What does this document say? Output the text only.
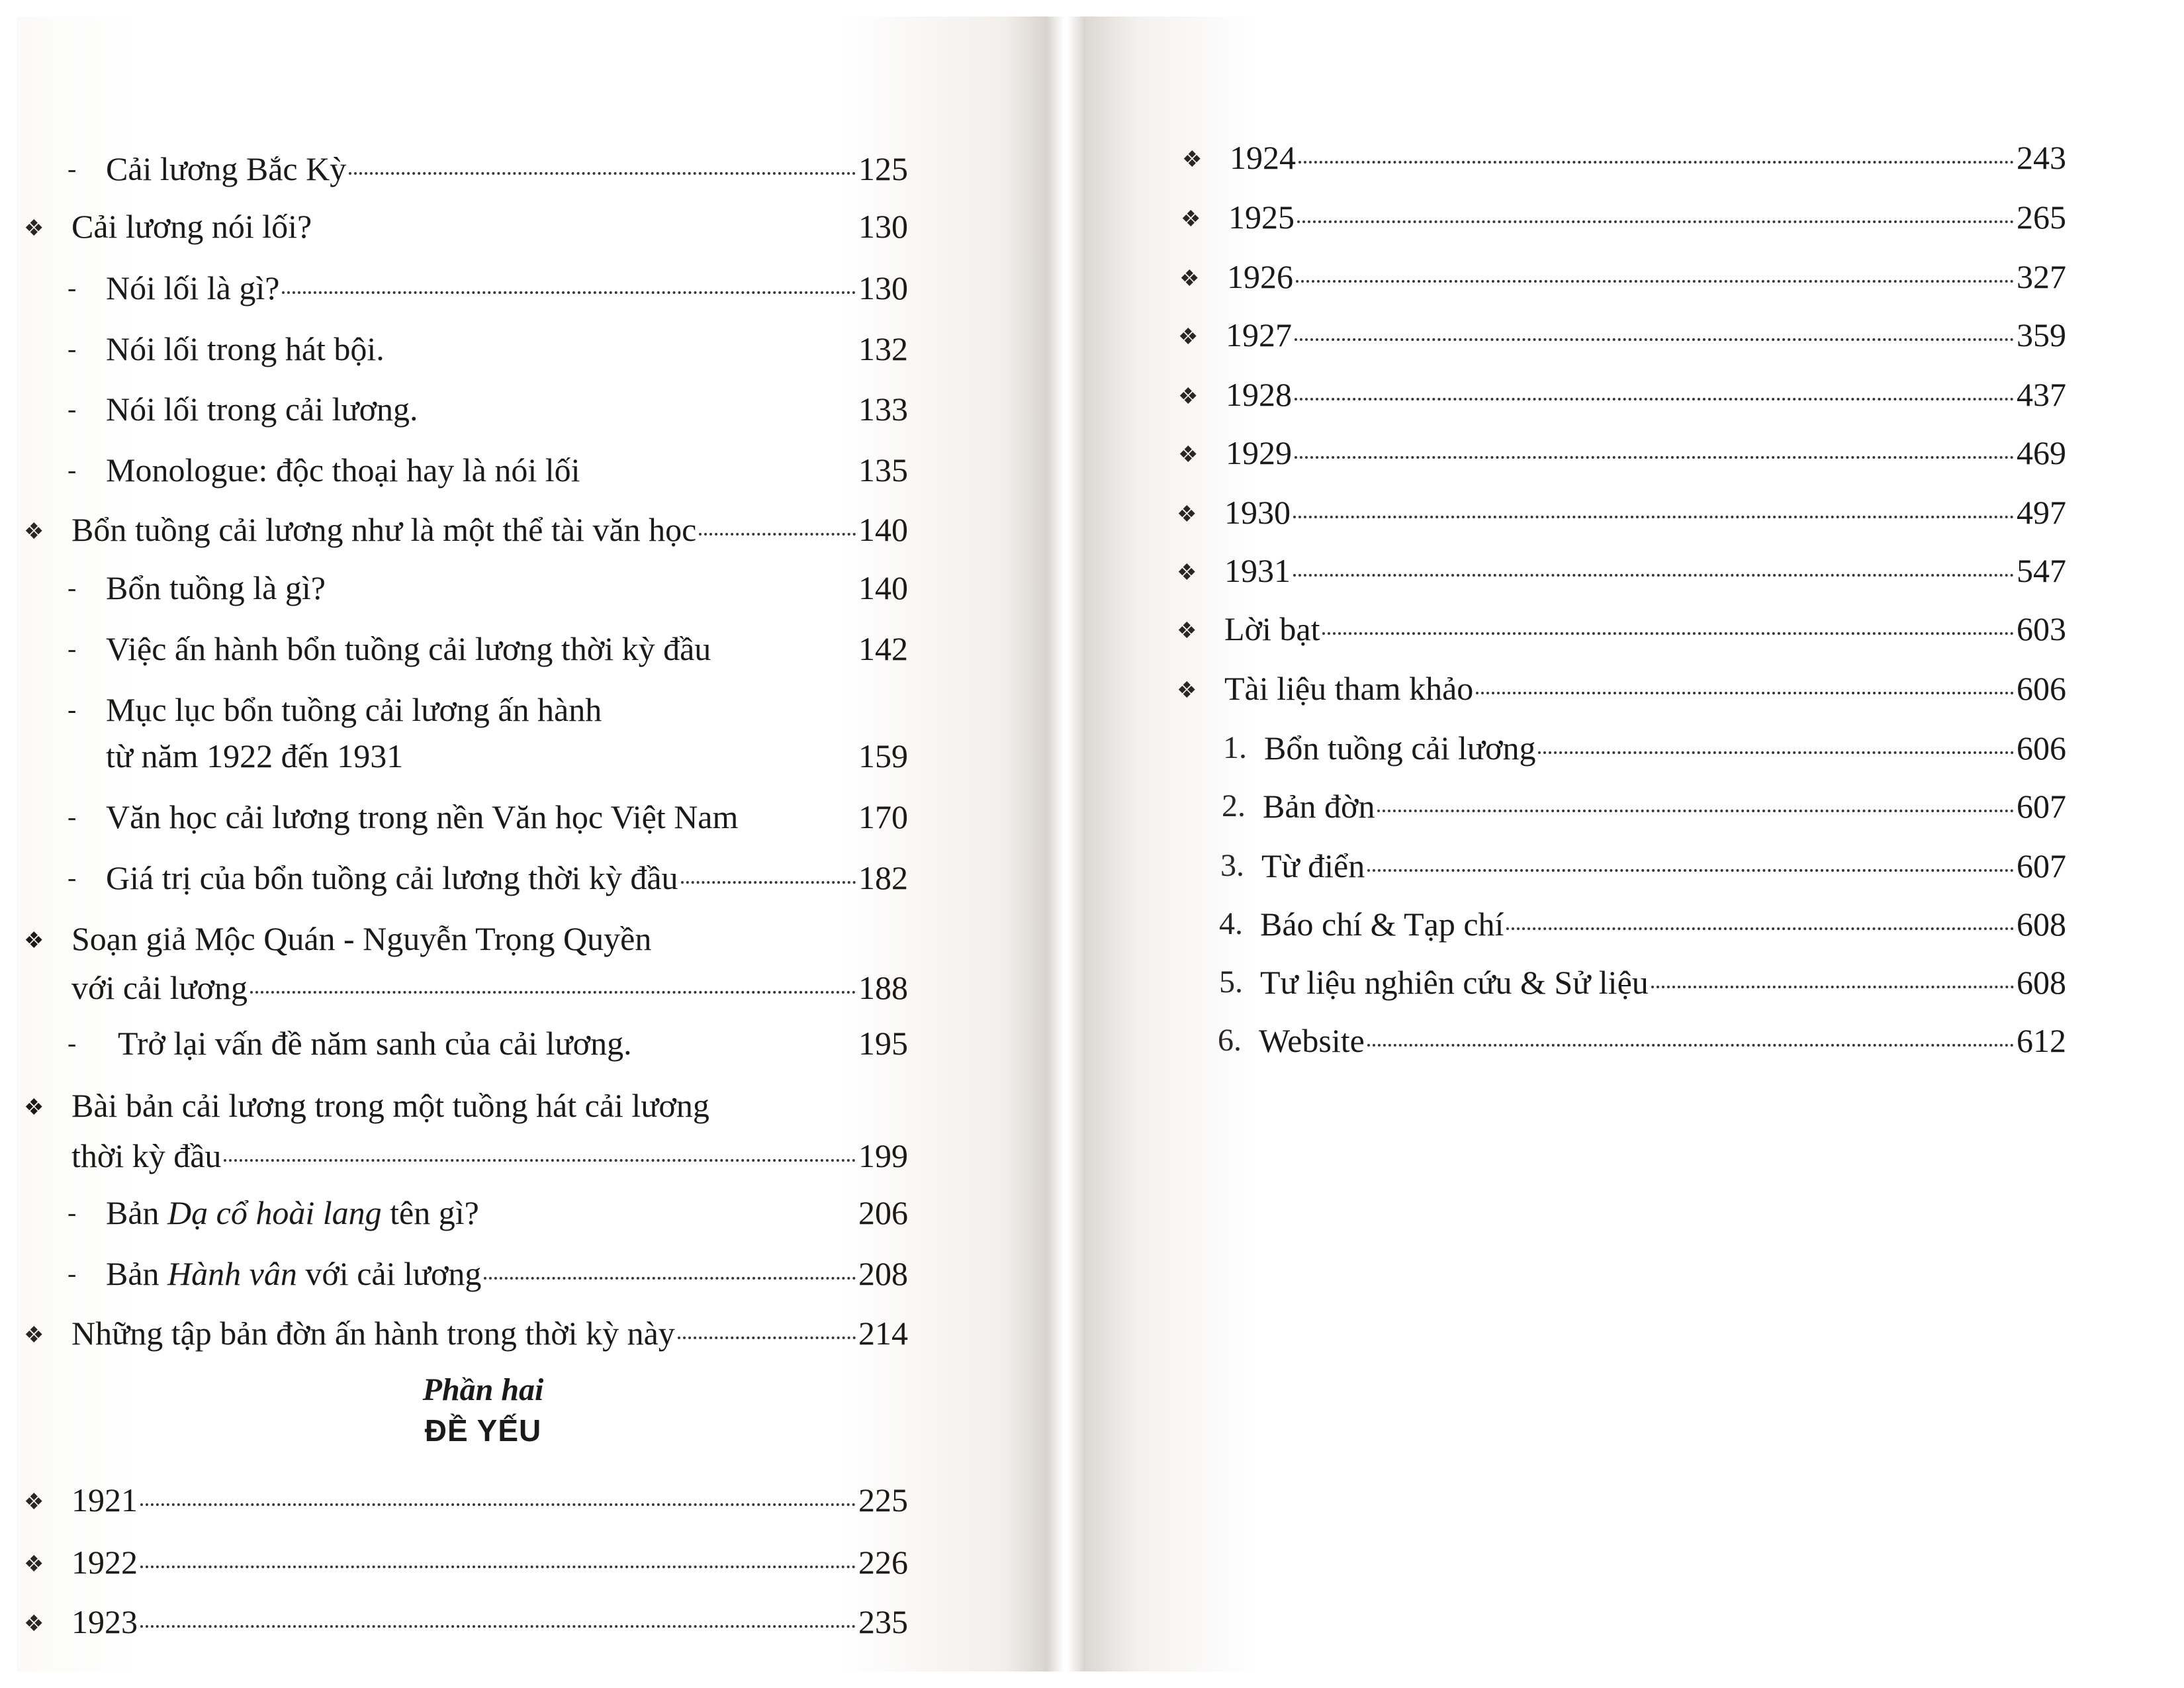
- Cải lương Bắc Kỳ	125
❖ Cải lương nói lối?	130
- Nói lối là gì?	130
- Nói lối trong hát bội.	132
- Nói lối trong cải lương.	133
- Monologue: độc thoại hay là nói lối	135
❖ Bổn tuồng cải lương như là một thể tài văn học	140
- Bổn tuồng là gì?	140
- Việc ấn hành bổn tuồng cải lương thời kỳ đầu	142
- Mục lục bổn tuồng cải lương ấn hành
từ năm 1922 đến 1931	159
- Văn học cải lương trong nền Văn học Việt Nam	170
- Giá trị của bổn tuồng cải lương thời kỳ đầu	182
❖ Soạn giả Mộc Quán - Nguyễn Trọng Quyền
với cải lương	188
- Trở lại vấn đề năm sanh của cải lương.	195
❖ Bài bản cải lương trong một tuồng hát cải lương
thời kỳ đầu	199
- Bản Dạ cổ hoài lang tên gì?	206
- Bản Hành vân với cải lương	208
❖ Những tập bản đờn ấn hành trong thời kỳ này	214
Phần hai
ĐỀ YẾU
❖ 1921	225
❖ 1922	226
❖ 1923	235
❖ 1924	243
❖ 1925	265
❖ 1926	327
❖ 1927	359
❖ 1928	437
❖ 1929	469
❖ 1930	497
❖ 1931	547
❖ Lời bạt	603
❖ Tài liệu tham khảo	606
1. Bổn tuồng cải lương	606
2. Bản đờn	607
3. Từ điển	607
4. Báo chí & Tạp chí	608
5. Tư liệu nghiên cứu & Sử liệu	608
6. Website	612
